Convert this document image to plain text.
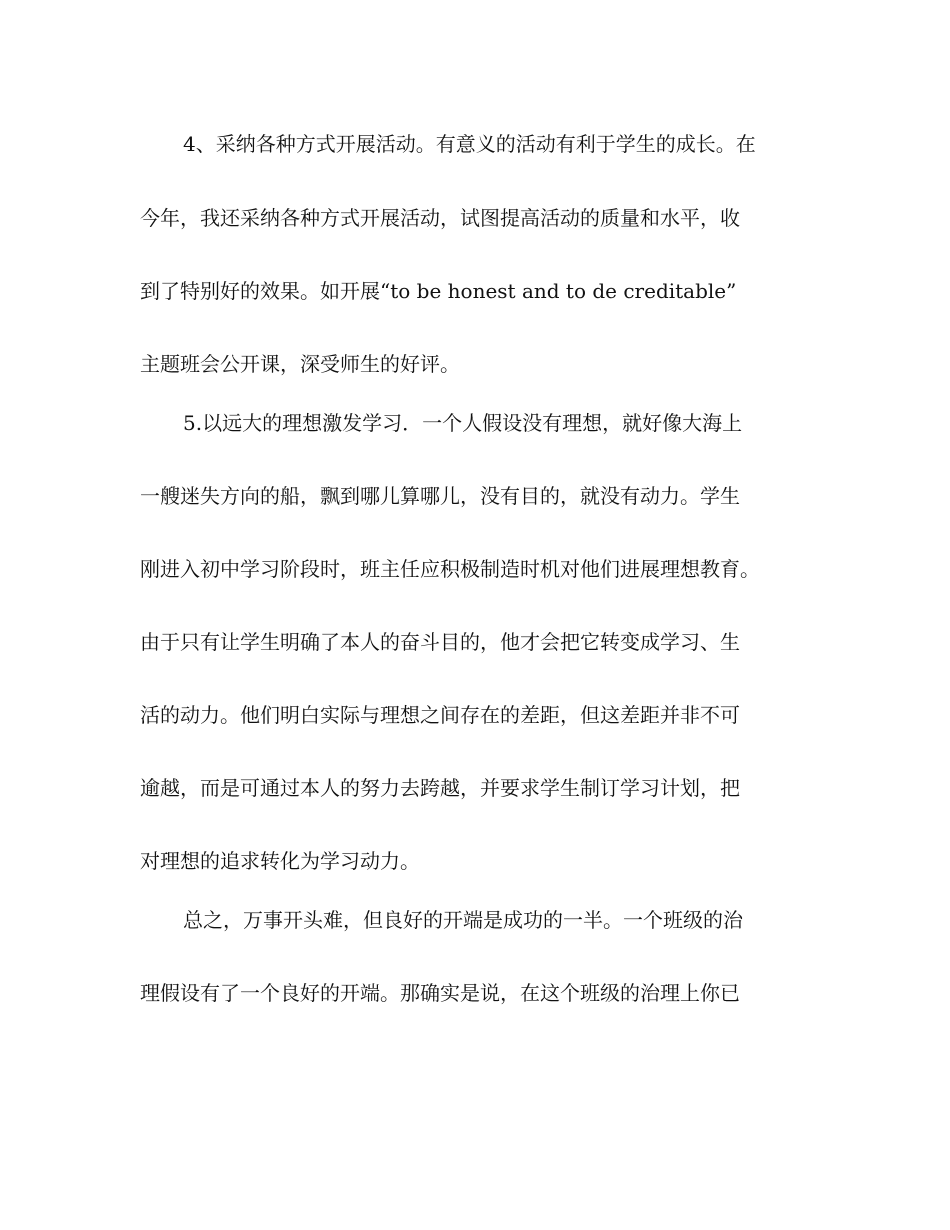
4、采纳各种方式开展活动。有意义的活动有利于学生的成长。在

今年，我还采纳各种方式开展活动，试图提高活动的质量和水平，收

到了特别好的效果。如开展“to be honest and to de creditable”

主题班会公开课，深受师生的好评。

5.以远大的理想激发学习．一个人假设没有理想，就好像大海上

一艘迷失方向的船，飘到哪儿算哪儿，没有目的，就没有动力。学生

刚进入初中学习阶段时，班主任应积极制造时机对他们进展理想教育。

由于只有让学生明确了本人的奋斗目的，他才会把它转变成学习、生

活的动力。他们明白实际与理想之间存在的差距，但这差距并非不可

逾越，而是可通过本人的努力去跨越，并要求学生制订学习计划，把

对理想的追求转化为学习动力。

总之，万事开头难，但良好的开端是成功的一半。一个班级的治

理假设有了一个良好的开端。那确实是说，在这个班级的治理上你已
